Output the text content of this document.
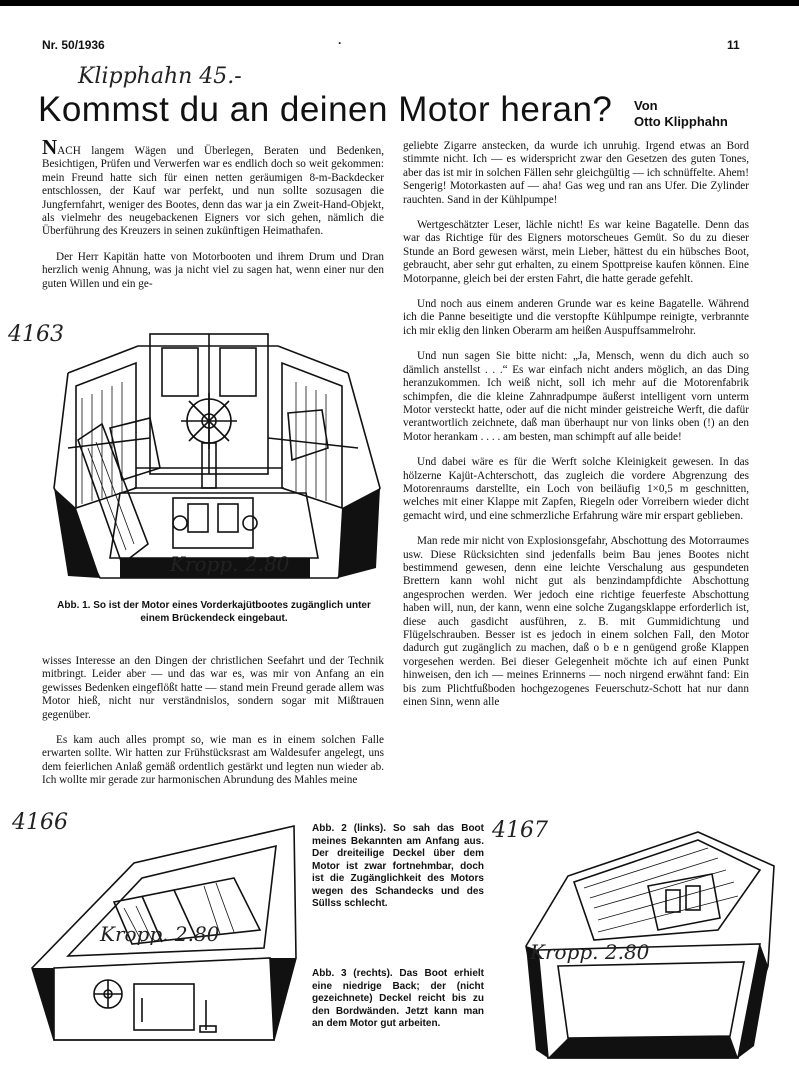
Nr. 50/1936	·	11
Klipphahn 45.-
Kommst du an deinen Motor heran? Von
Otto Klipphahn

NACH langem Wägen und Überlegen, Beraten und Bedenken, Besichtigen, Prüfen und Verwerfen war es endlich doch so weit gekommen: mein Freund hatte sich für einen netten geräumigen 8-m-Backdecker entschlossen, der Kauf war perfekt, und nun sollte sozusagen die Jungfernfahrt, weniger des Bootes, denn das war ja ein Zweit-Hand-Objekt, als vielmehr des neugebackenen Eigners vor sich gehen, nämlich die Überführung des Kreuzers in seinen zukünftigen Heimathafen.

Der Herr Kapitän hatte von Motorbooten und ihrem Drum und Dran herzlich wenig Ahnung, was ja nicht viel zu sagen hat, wenn einer nur den guten Willen und ein ge-

4163
Kropp. 2.80
Abb. 1. So ist der Motor eines Vorderkajütbootes zugänglich unter einem Brückendeck eingebaut.

wisses Interesse an den Dingen der christlichen Seefahrt und der Technik mitbringt. Leider aber — und das war es, was mir von Anfang an ein gewisses Bedenken eingeflößt hatte — stand mein Freund gerade allem was Motor hieß, nicht nur verständnislos, sondern sogar mit Mißtrauen gegenüber.

Es kam auch alles prompt so, wie man es in einem solchen Falle erwarten sollte. Wir hatten zur Frühstücksrast am Waldesufer angelegt, uns dem feierlichen Anlaß gemäß ordentlich gestärkt und legten nun wieder ab. Ich wollte mir gerade zur harmonischen Abrundung des Mahles meine

geliebte Zigarre anstecken, da wurde ich unruhig. Irgend etwas an Bord stimmte nicht. Ich — es widerspricht zwar den Gesetzen des guten Tones, aber das ist mir in solchen Fällen sehr gleichgültig — ich schnüffelte. Ahem! Sengerig! Motorkasten auf — aha! Gas weg und ran ans Ufer. Die Zylinder rauchten. Sand in der Kühlpumpe!

Wertgeschätzter Leser, lächle nicht! Es war keine Bagatelle. Denn das war das Richtige für des Eigners motorscheues Gemüt. So du zu dieser Stunde an Bord gewesen wärst, mein Lieber, hättest du ein hübsches Boot, gebraucht, aber sehr gut erhalten, zu einem Spottpreise kaufen können. Eine Motorpanne, gleich bei der ersten Fahrt, die hatte gerade gefehlt.

Und noch aus einem anderen Grunde war es keine Bagatelle. Während ich die Panne beseitigte und die verstopfte Kühlpumpe reinigte, verbrannte ich mir eklig den linken Oberarm am heißen Auspuffsammelrohr.

Und nun sagen Sie bitte nicht: „Ja, Mensch, wenn du dich auch so dämlich anstellst . . .“ Es war einfach nicht anders möglich, an das Ding heranzukommen. Ich weiß nicht, soll ich mehr auf die Motorenfabrik schimpfen, die die kleine Zahnradpumpe äußerst intelligent vorn unterm Motor versteckt hatte, oder auf die nicht minder geistreiche Werft, die dafür verantwortlich zeichnete, daß man überhaupt nur von links oben (!) an den Motor herankam . . . . am besten, man schimpft auf alle beide!

Und dabei wäre es für die Werft solche Kleinigkeit gewesen. In das hölzerne Kajüt-Achterschott, das zugleich die vordere Abgrenzung des Motorenraums darstellte, ein Loch von beiläufig 1×0,5 m geschnitten, welches mit einer Klappe mit Zapfen, Riegeln oder Vorreibern wieder dicht gemacht wird, und eine schmerzliche Erfahrung wäre mir erspart geblieben.

Man rede mir nicht von Explosionsgefahr, Abschottung des Motorraumes usw. Diese Rücksichten sind jedenfalls beim Bau jenes Bootes nicht bestimmend gewesen, denn eine leichte Verschalung aus gespundeten Brettern kann wohl nicht gut als benzindampfdichte Abschottung angesprochen werden. Wer jedoch eine richtige feuerfeste Abschottung haben will, nun, der kann, wenn eine solche Zugangsklappe erforderlich ist, diese auch gasdicht ausführen, z. B. mit Gummidichtung und Flügelschrauben. Besser ist es jedoch in einem solchen Fall, den Motor dadurch gut zugänglich zu machen, daß o b e n genügend große Klappen vorgesehen werden. Bei dieser Gelegenheit möchte ich auf einen Punkt hinweisen, den ich — meines Erinnerns — noch nirgend erwähnt fand: Ein bis zum Plichtfußboden hochgezogenes Feuerschutz-Schott hat nur dann einen Sinn, wenn alle

4166
Kropp. 2.80
Abb. 2 (links). So sah das Boot meines Bekannten am Anfang aus. Der dreiteilige Deckel über dem Motor ist zwar fortnehmbar, doch ist die Zugänglichkeit des Motors wegen des Schandecks und des Süllss schlecht.
Abb. 3 (rechts). Das Boot erhielt eine niedrige Back; der (nicht gezeichnete) Deckel reicht bis zu den Bordwänden. Jetzt kann man an dem Motor gut arbeiten.
4167
Kropp. 2.80
